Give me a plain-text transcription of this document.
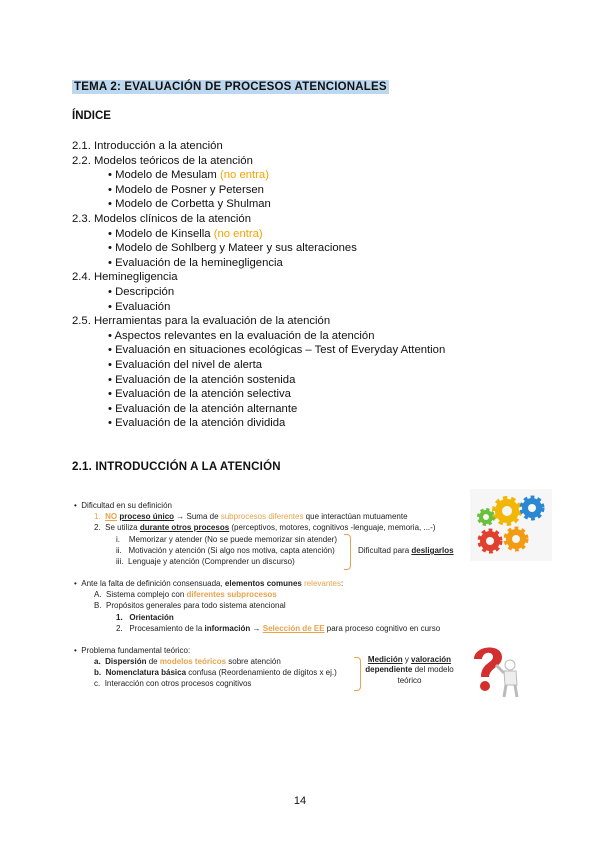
TEMA 2: EVALUACIÓN DE PROCESOS ATENCIONALES
ÍNDICE
2.1. Introducción a la atención
2.2. Modelos teóricos de la atención
• Modelo de Mesulam (no entra)
• Modelo de Posner y Petersen
• Modelo de Corbetta y Shulman
2.3. Modelos clínicos de la atención
• Modelo de Kinsella (no entra)
• Modelo de Sohlberg y Mateer y sus alteraciones
• Evaluación de la heminegligencia
2.4. Heminegligencia
• Descripción
• Evaluación
2.5. Herramientas para la evaluación de la atención
• Aspectos relevantes en la evaluación de la atención
• Evaluación en situaciones ecológicas – Test of Everyday Attention
• Evaluación del nivel de alerta
• Evaluación de la atención sostenida
• Evaluación de la atención selectiva
• Evaluación de la atención alternante
• Evaluación de la atención dividida
2.1. INTRODUCCIÓN A LA ATENCIÓN
• Dificultad en su definición
1. NO proceso único → Suma de subprocesos diferentes que interactúan mutuamente
2. Se utiliza durante otros procesos (perceptivos, motores, cognitivos -lenguaje, memoria, ...-)
i. Memorizar y atender (No se puede memorizar sin atender)
ii. Motivación y atención (Si algo nos motiva, capta atención)
iii. Lenguaje y atención (Comprender un discurso)
Dificultad para desligarlos
• Ante la falta de definición consensuada, elementos comunes relevantes:
A. Sistema complejo con diferentes subprocesos
B. Propósitos generales para todo sistema atencional
1. Orientación
2. Procesamiento de la información → Selección de EE para proceso cognitivo en curso
• Problema fundamental teórico:
a. Dispersión de modelos teóricos sobre atención
b. Nomenclatura básica confusa (Reordenamiento de dígitos x ej.)
c. Interacción con otros procesos cognitivos
Medición y valoración
dependiente del modelo
teórico
14
